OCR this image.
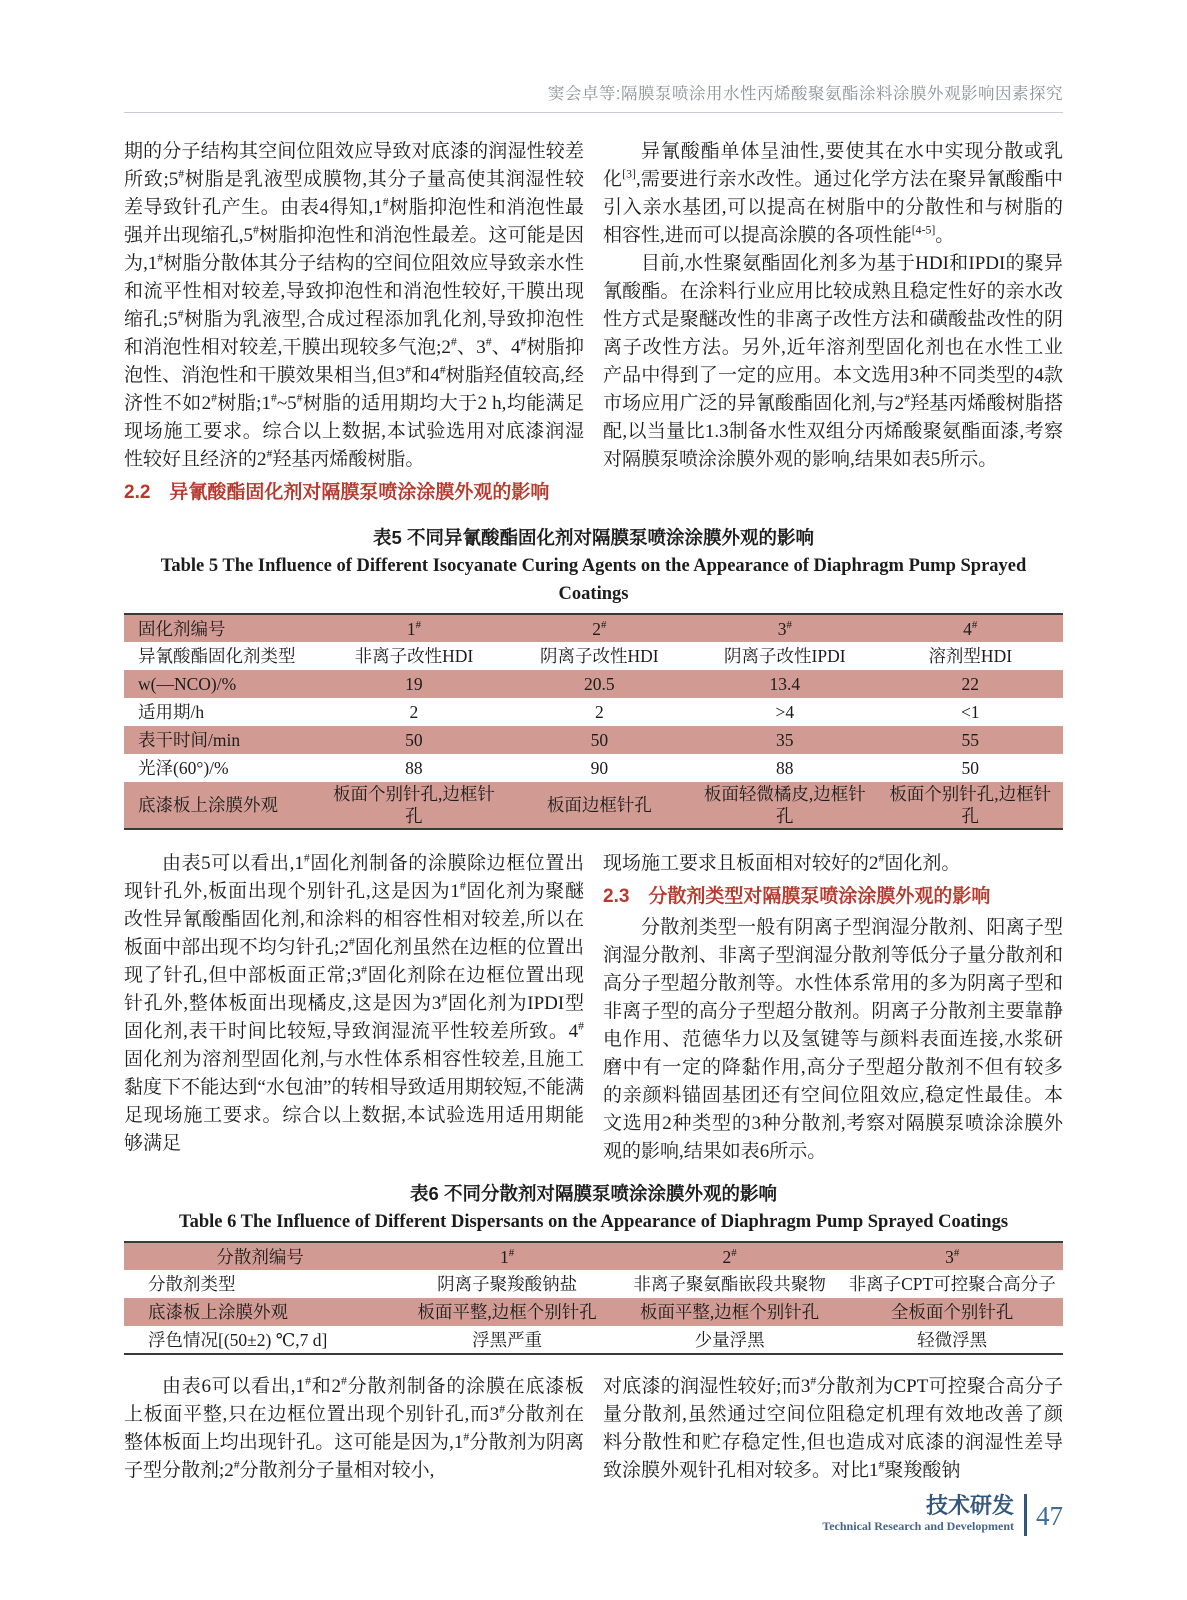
窦会卓等:隔膜泵喷涂用水性丙烯酸聚氨酯涂料涂膜外观影响因素探究

期的分子结构其空间位阻效应导致对底漆的润湿性较差所致;5#树脂是乳液型成膜物,其分子量高使其润湿性较差导致针孔产生。由表4得知,1#树脂抑泡性和消泡性最强并出现缩孔,5#树脂抑泡性和消泡性最差。这可能是因为,1#树脂分散体其分子结构的空间位阻效应导致亲水性和流平性相对较差,导致抑泡性和消泡性较好,干膜出现缩孔;5#树脂为乳液型,合成过程添加乳化剂,导致抑泡性和消泡性相对较差,干膜出现较多气泡;2#、3#、4#树脂抑泡性、消泡性和干膜效果相当,但3#和4#树脂羟值较高,经济性不如2#树脂;1#~5#树脂的适用期均大于2 h,均能满足现场施工要求。综合以上数据,本试验选用对底漆润湿性较好且经济的2#羟基丙烯酸树脂。

2.2　异氰酸酯固化剂对隔膜泵喷涂涂膜外观的影响

异氰酸酯单体呈油性,要使其在水中实现分散或乳化[3],需要进行亲水改性。通过化学方法在聚异氰酸酯中引入亲水基团,可以提高在树脂中的分散性和与树脂的相容性,进而可以提高涂膜的各项性能[4-5]。

目前,水性聚氨酯固化剂多为基于HDI和IPDI的聚异氰酸酯。在涂料行业应用比较成熟且稳定性好的亲水改性方式是聚醚改性的非离子改性方法和磺酸盐改性的阴离子改性方法。另外,近年溶剂型固化剂也在水性工业产品中得到了一定的应用。本文选用3种不同类型的4款市场应用广泛的异氰酸酯固化剂,与2#羟基丙烯酸树脂搭配,以当量比1.3制备水性双组分丙烯酸聚氨酯面漆,考察对隔膜泵喷涂涂膜外观的影响,结果如表5所示。

表5 不同异氰酸酯固化剂对隔膜泵喷涂涂膜外观的影响
Table 5 The Influence of Different Isocyanate Curing Agents on the Appearance of Diaphragm Pump Sprayed Coatings
固化剂编号	1#	2#	3#	4#
异氰酸酯固化剂类型	非离子改性HDI	阴离子改性HDI	阴离子改性IPDI	溶剂型HDI
w(—NCO)/%	19	20.5	13.4	22
适用期/h	2	2	>4	<1
表干时间/min	50	50	35	55
光泽(60°)/%	88	90	88	50
底漆板上涂膜外观	板面个别针孔,边框针孔	板面边框针孔	板面轻微橘皮,边框针孔	板面个别针孔,边框针孔

由表5可以看出,1#固化剂制备的涂膜除边框位置出现针孔外,板面出现个别针孔,这是因为1#固化剂为聚醚改性异氰酸酯固化剂,和涂料的相容性相对较差,所以在板面中部出现不均匀针孔;2#固化剂虽然在边框的位置出现了针孔,但中部板面正常;3#固化剂除在边框位置出现针孔外,整体板面出现橘皮,这是因为3#固化剂为IPDI型固化剂,表干时间比较短,导致润湿流平性较差所致。4#固化剂为溶剂型固化剂,与水性体系相容性较差,且施工黏度下不能达到“水包油”的转相导致适用期较短,不能满足现场施工要求。综合以上数据,本试验选用适用期能够满足

现场施工要求且板面相对较好的2#固化剂。

2.3　分散剂类型对隔膜泵喷涂涂膜外观的影响

分散剂类型一般有阴离子型润湿分散剂、阳离子型润湿分散剂、非离子型润湿分散剂等低分子量分散剂和高分子型超分散剂等。水性体系常用的多为阴离子型和非离子型的高分子型超分散剂。阴离子分散剂主要靠静电作用、范德华力以及氢键等与颜料表面连接,水浆研磨中有一定的降黏作用,高分子型超分散剂不但有较多的亲颜料锚固基团还有空间位阻效应,稳定性最佳。本文选用2种类型的3种分散剂,考察对隔膜泵喷涂涂膜外观的影响,结果如表6所示。

表6 不同分散剂对隔膜泵喷涂涂膜外观的影响
Table 6 The Influence of Different Dispersants on the Appearance of Diaphragm Pump Sprayed Coatings
分散剂编号	1#	2#	3#
分散剂类型	阴离子聚羧酸钠盐	非离子聚氨酯嵌段共聚物	非离子CPT可控聚合高分子
底漆板上涂膜外观	板面平整,边框个别针孔	板面平整,边框个别针孔	全板面个别针孔
浮色情况[(50±2) ℃,7 d]	浮黑严重	少量浮黑	轻微浮黑

由表6可以看出,1#和2#分散剂制备的涂膜在底漆板上板面平整,只在边框位置出现个别针孔,而3#分散剂在整体板面上均出现针孔。这可能是因为,1#分散剂为阴离子型分散剂;2#分散剂分子量相对较小,

对底漆的润湿性较好;而3#分散剂为CPT可控聚合高分子量分散剂,虽然通过空间位阻稳定机理有效地改善了颜料分散性和贮存稳定性,但也造成对底漆的润湿性差导致涂膜外观针孔相对较多。对比1#聚羧酸钠

技术研发
Technical Research and Development 47
